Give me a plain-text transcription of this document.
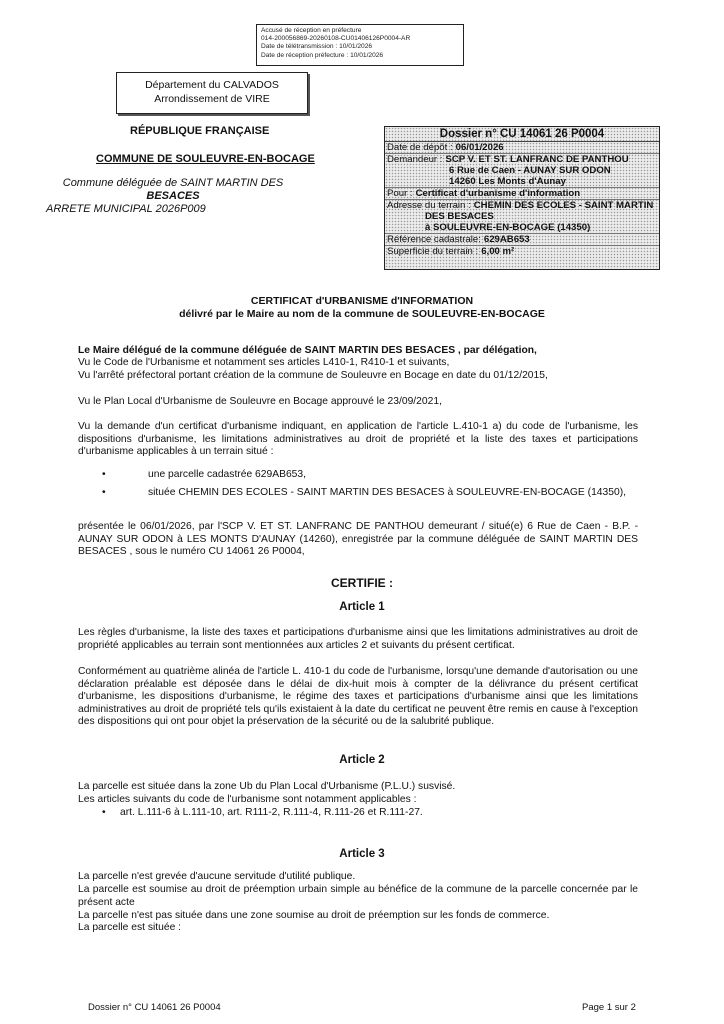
Accusé de réception en préfecture
014-200056869-20260108-CU01406126P0004-AR
Date de télétransmission : 10/01/2026
Date de réception préfecture : 10/01/2026
Département du CALVADOS
Arrondissement de VIRE
RÉPUBLIQUE FRANÇAISE
COMMUNE DE SOULEUVRE-EN-BOCAGE
Commune déléguée de SAINT MARTIN DES
BESACES
ARRETE MUNICIPAL 2026P009
Dossier n° CU 14061 26 P0004
Date de dépôt : 06/01/2026
Demandeur : SCP V. ET ST. LANFRANC DE PANTHOU
6 Rue de Caen - AUNAY SUR ODON
14260 Les Monts d'Aunay
Pour : Certificat d'urbanisme d'information
Adresse du terrain : CHEMIN DES ECOLES - SAINT MARTIN
DES BESACES
à SOULEUVRE-EN-BOCAGE (14350)
Référence cadastrale: 629AB653
Superficie du terrain : 6,00 m²
CERTIFICAT d'URBANISME d'INFORMATION
délivré par le Maire au nom de la commune de SOULEUVRE-EN-BOCAGE
Le Maire délégué de la commune déléguée de SAINT MARTIN DES BESACES , par délégation,
Vu le Code de l'Urbanisme et notamment ses articles L410-1, R410-1 et suivants,
Vu l'arrêté préfectoral portant création de la commune de Souleuvre en Bocage en date du 01/12/2015,
Vu le Plan Local d'Urbanisme de Souleuvre en Bocage approuvé le 23/09/2021,
Vu la demande d'un certificat d'urbanisme indiquant, en application de l'article L.410-1 a) du code de l'urbanisme, les dispositions d'urbanisme, les limitations administratives au droit de propriété et la liste des taxes et participations d'urbanisme applicables à un terrain situé :
•	une parcelle cadastrée 629AB653,
•	située CHEMIN DES ECOLES - SAINT MARTIN DES BESACES à SOULEUVRE-EN-BOCAGE (14350),
présentée le 06/01/2026, par l'SCP V. ET ST. LANFRANC DE PANTHOU demeurant / situé(e) 6 Rue de Caen - B.P. - AUNAY SUR ODON à LES MONTS D'AUNAY (14260), enregistrée par la commune déléguée de SAINT MARTIN DES BESACES , sous le numéro CU 14061 26 P0004,
CERTIFIE :
Article 1
Les règles d'urbanisme, la liste des taxes et participations d'urbanisme ainsi que les limitations administratives au droit de propriété applicables au terrain sont mentionnées aux articles 2 et suivants du présent certificat.
Conformément au quatrième alinéa de l'article L. 410-1 du code de l'urbanisme, lorsqu'une demande d'autorisation ou une déclaration préalable est déposée dans le délai de dix-huit mois à compter de la délivrance du présent certificat d'urbanisme, les dispositions d'urbanisme, le régime des taxes et participations d'urbanisme ainsi que les limitations administratives au droit de propriété tels qu'ils existaient à la date du certificat ne peuvent être remis en cause à l'exception des dispositions qui ont pour objet la préservation de la sécurité ou de la salubrité publique.
Article 2
La parcelle est située dans la zone Ub du Plan Local d'Urbanisme (P.L.U.) susvisé.
Les articles suivants du code de l'urbanisme sont notamment applicables :
• art. L.111-6 à L.111-10, art. R111-2, R.111-4, R.111-26 et R.111-27.
Article 3
La parcelle n'est grevée d'aucune servitude d'utilité publique.
La parcelle est soumise au droit de préemption urbain simple au bénéfice de la commune de la parcelle concernée par le présent acte
La parcelle n'est pas située dans une zone soumise au droit de préemption sur les fonds de commerce.
La parcelle est située :
Dossier n° CU 14061 26 P0004	Page 1 sur 2
